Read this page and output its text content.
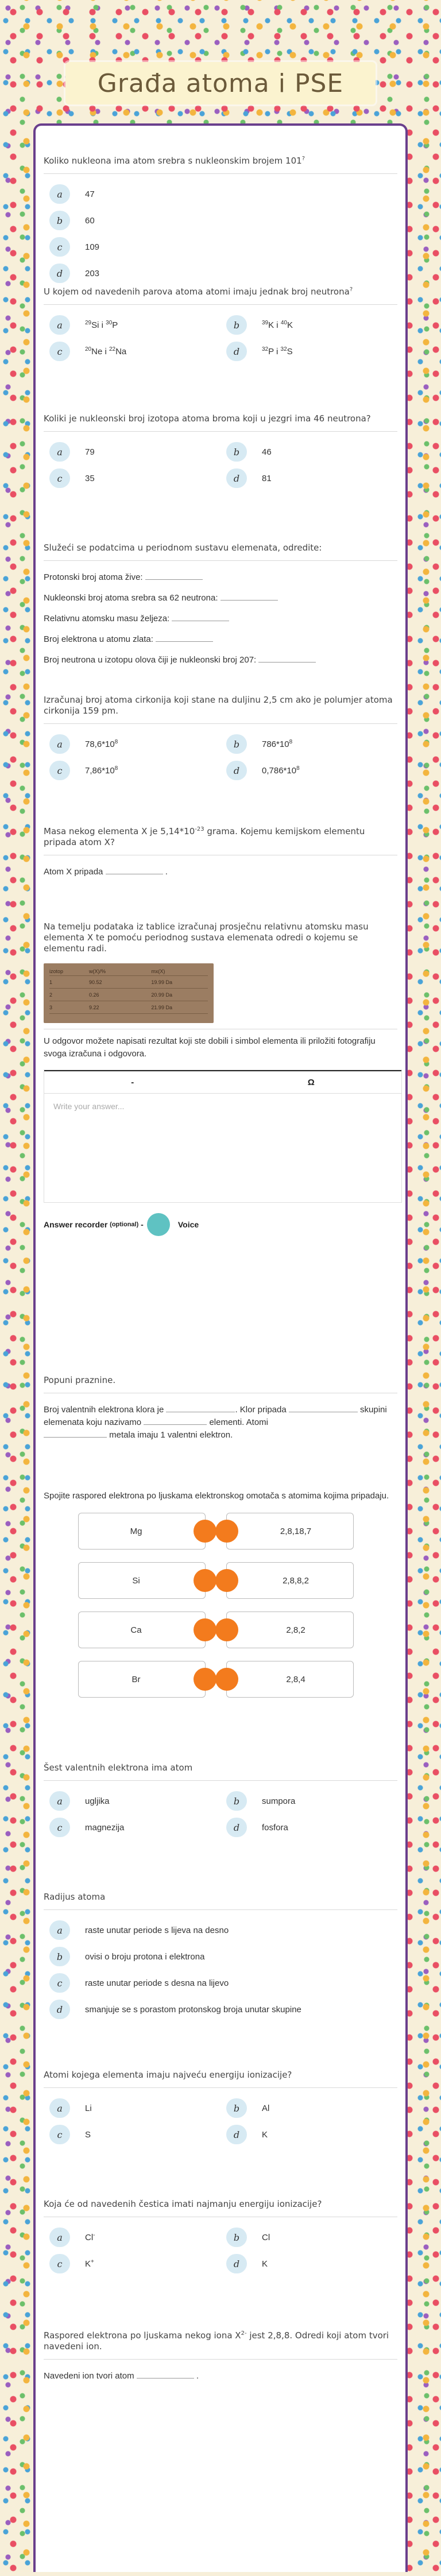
Građa atoma i PSE
Koliko nukleona ima atom srebra s nukleonskim brojem 101?
a	47
b	60
c	109
d	203
U kojem od navedenih parova atoma atomi imaju jednak broj neutrona?
a	$^{29}$Si i $^{30}$P	b	$^{39}$K i $^{40}$K
c	$^{20}$Ne i $^{22}$Na	d	$^{32}$P i $^{32}$S
Koliki je nukleonski broj izotopa atoma broma koji u jezgri ima 46 neutrona?
a	79	b	46
c	35	d	81
Služeći se podatcima u periodnom sustavu elemenata, odredite:
Protonski broj atoma žive:
Nukleonski broj atoma srebra sa 62 neutrona:
Relativnu atomsku masu željeza:
Broj elektrona u atomu zlata:
Broj neutrona u izotopu olova čiji je nukleonski broj 207:
Izračunaj broj atoma cirkonija koji stane na duljinu 2,5 cm ako je polumjer atoma cirkonija 159 pm.
a	$78,6*10^8$	b	$786*10^8$
c	$7,86*10^8$	d	$0,786*10^8$
Masa nekog elementa X je $5,14*10^{-23}$ grama. Kojemu kemijskom elementu pripada atom X?
Atom X pripada	.
Na temelju podataka iz tablice izračunaj prosječnu relativnu atomsku masu elementa X te pomoću periodnog sustava elemenata odredi o kojemu se elementu radi.
izotop	w(X)/%	mx(X)
1	90.52	19.99 Da
2	0.26	20.99 Da
3	9.22	21.99 Da
U odgovor možete napisati rezultat koji ste dobili i simbol elementa ili priložiti fotografiju svoga izračuna i odgovora.
-	Ω
Write your answer...
Answer recorder
(optional)
-	Voice
Popuni praznine.
Broj valentnih elektrona klora je	. Klor pripada	skupini elemenata koju nazivamo	elementi. Atomi
metala imaju 1 valentni elektron.
Spojite raspored elektrona po ljuskama elektronskog omotača s atomima kojima pripadaju.
Mg	2,8,18,7
Si	2,8,8,2
Ca	2,8,2
Br	2,8,4
Šest valentnih elektrona ima atom
a	ugljika	b	sumpora
c	magnezija	d	fosfora
Radijus atoma
a	raste unutar periode s lijeva na desno
b	ovisi o broju protona i elektrona
c	raste unutar periode s desna na lijevo
d	smanjuje se s porastom protonskog broja unutar skupine
Atomi kojega elementa imaju najveću energiju ionizacije?
a	Li	b	Al
c	S	d	K
Koja će od navedenih čestica imati najmanju energiju ionizacije?
a	Cl-	b	Cl
c	K+	d	K
Raspored elektrona po ljuskama nekog iona $X^{2-}$ jest 2,8,8. Odredi koji atom tvori navedeni ion.
Navedeni ion tvori atom	.
